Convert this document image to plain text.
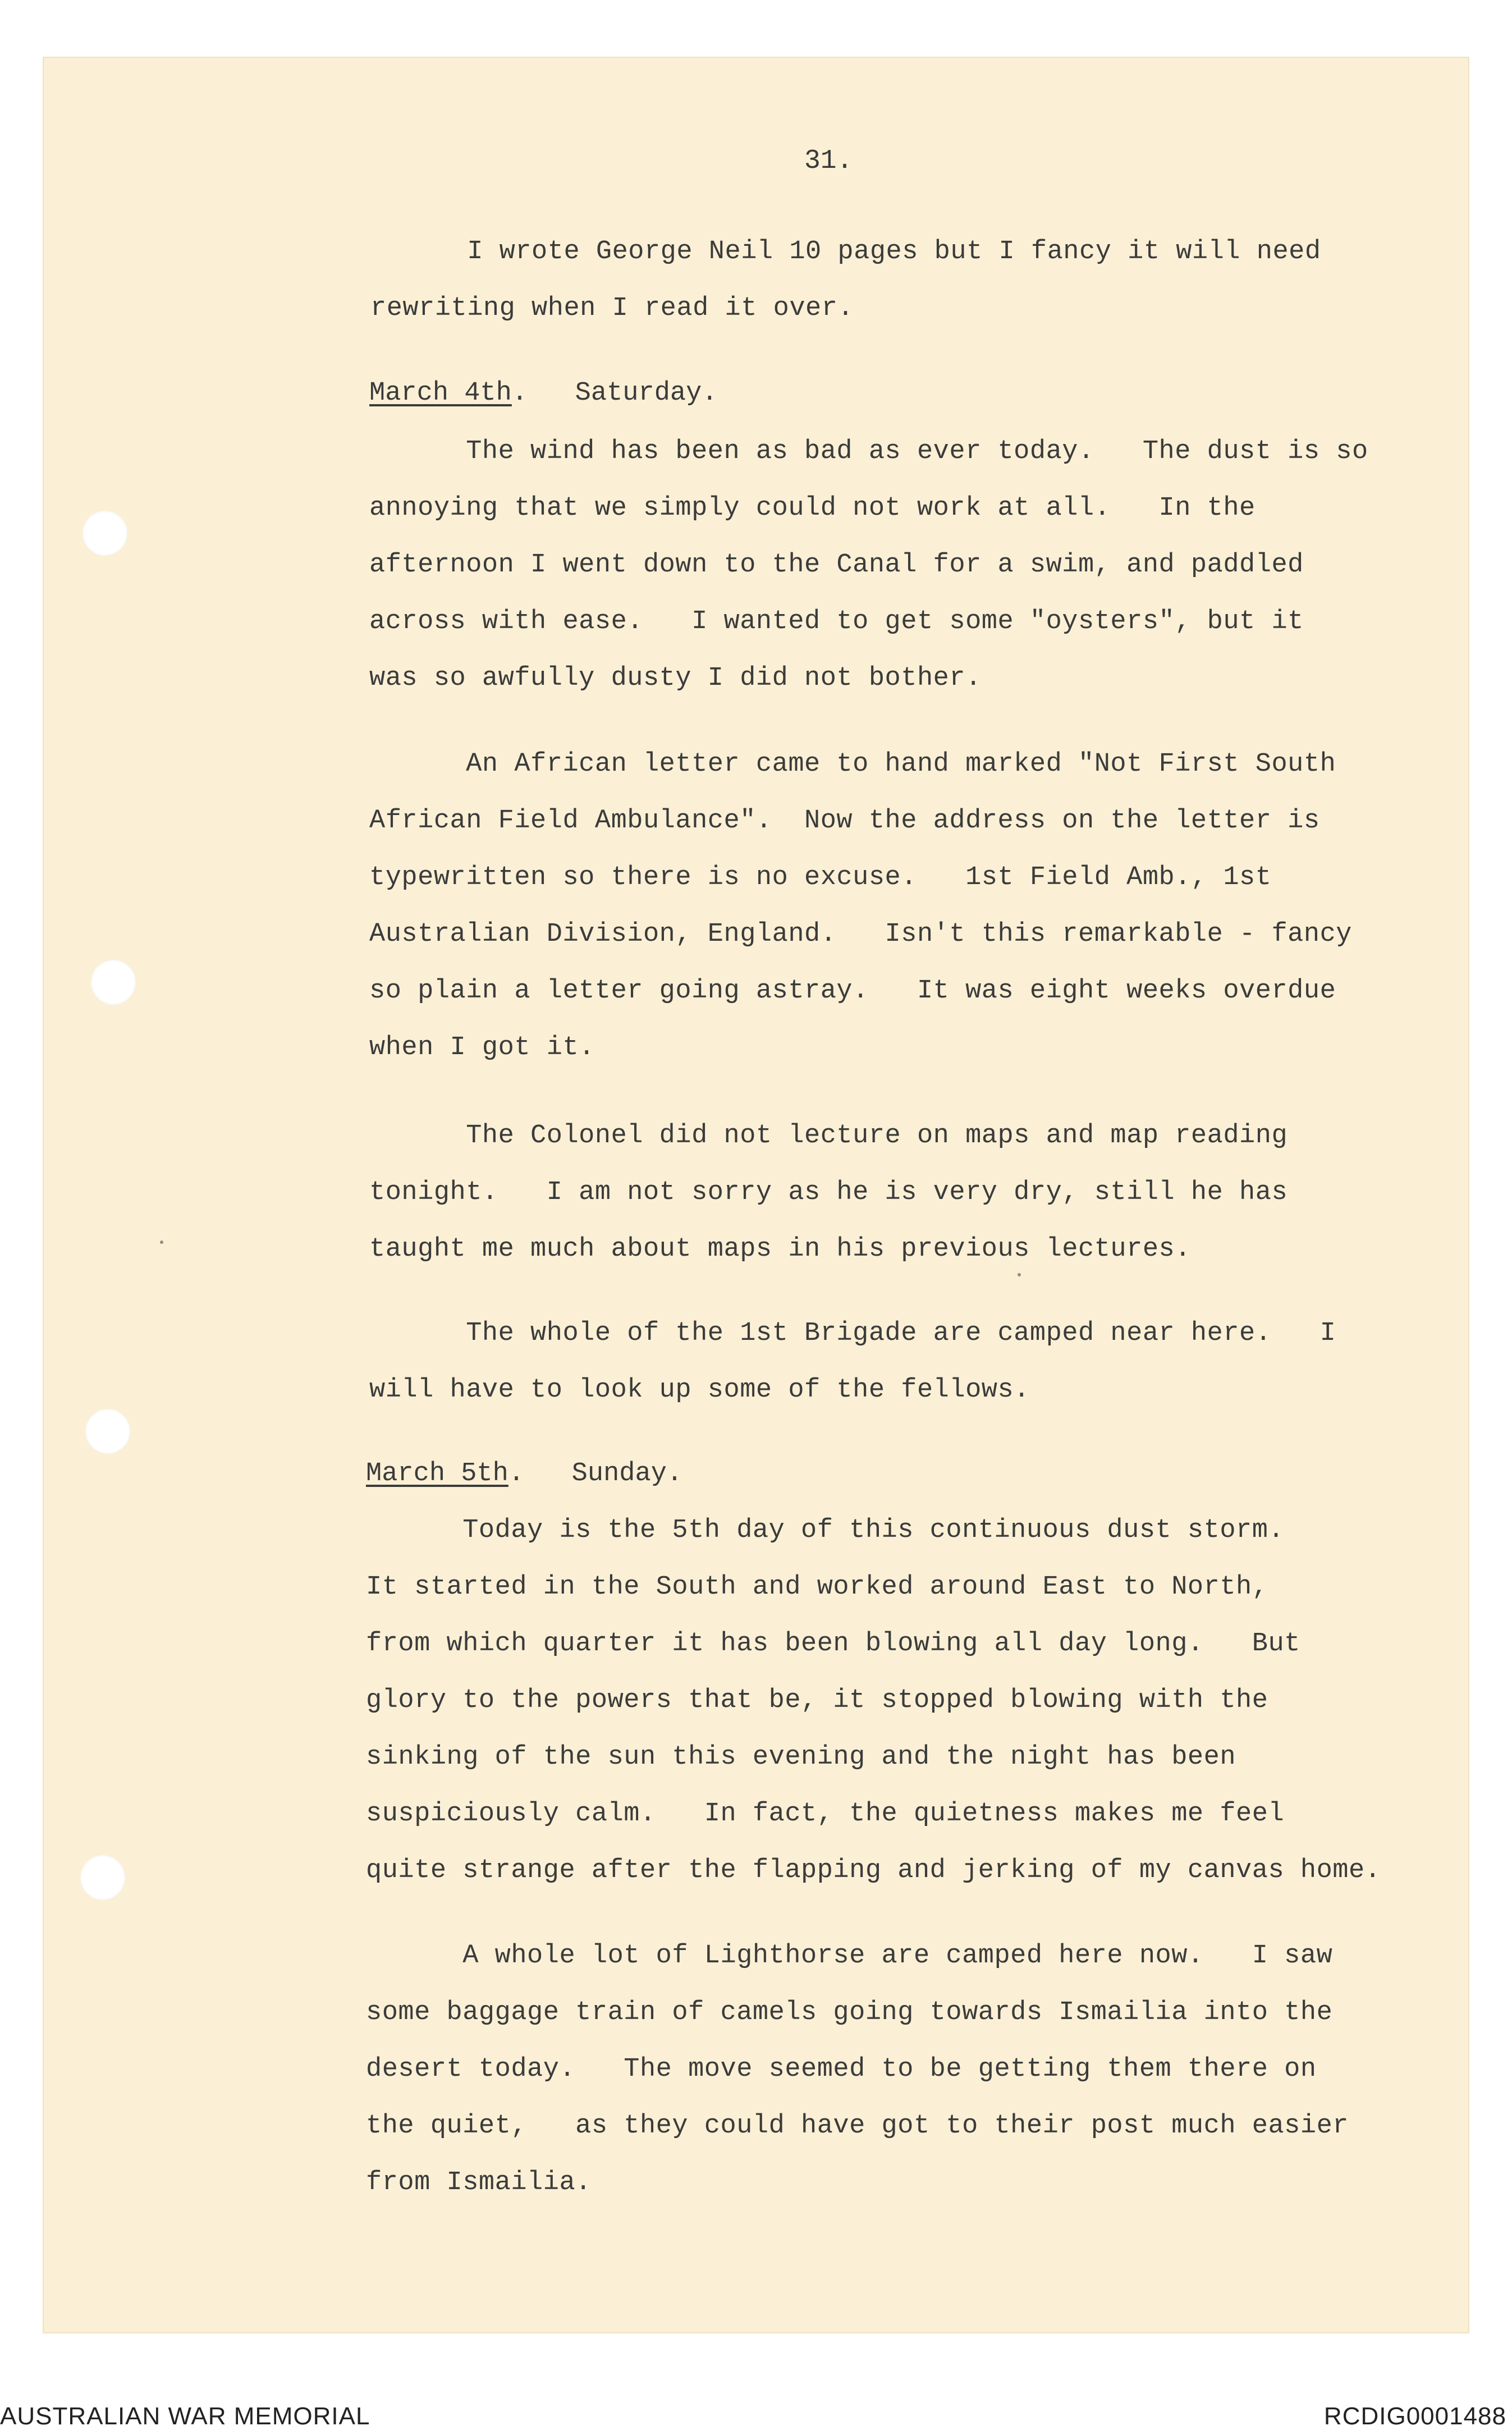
31.

I wrote George Neil 10 pages but I fancy it will need
rewriting when I read it over.

March 4th.   Saturday.

The wind has been as bad as ever today.   The dust is so
annoying that we simply could not work at all.   In the
afternoon I went down to the Canal for a swim, and paddled
across with ease.   I wanted to get some "oysters", but it
was so awfully dusty I did not bother.

An African letter came to hand marked "Not First South
African Field Ambulance".  Now the address on the letter is
typewritten so there is no excuse.   1st Field Amb., 1st
Australian Division, England.   Isn't this remarkable - fancy
so plain a letter going astray.   It was eight weeks overdue
when I got it.

The Colonel did not lecture on maps and map reading
tonight.   I am not sorry as he is very dry, still he has
taught me much about maps in his previous lectures.

The whole of the 1st Brigade are camped near here.   I
will have to look up some of the fellows.

March 5th.   Sunday.

Today is the 5th day of this continuous dust storm.
It started in the South and worked around East to North,
from which quarter it has been blowing all day long.   But
glory to the powers that be, it stopped blowing with the
sinking of the sun this evening and the night has been
suspiciously calm.   In fact, the quietness makes me feel
quite strange after the flapping and jerking of my canvas home.

A whole lot of Lighthorse are camped here now.   I saw
some baggage train of camels going towards Ismailia into the
desert today.   The move seemed to be getting them there on
the quiet,   as they could have got to their post much easier
from Ismailia.

AUSTRALIAN WAR MEMORIAL	RCDIG0001488
